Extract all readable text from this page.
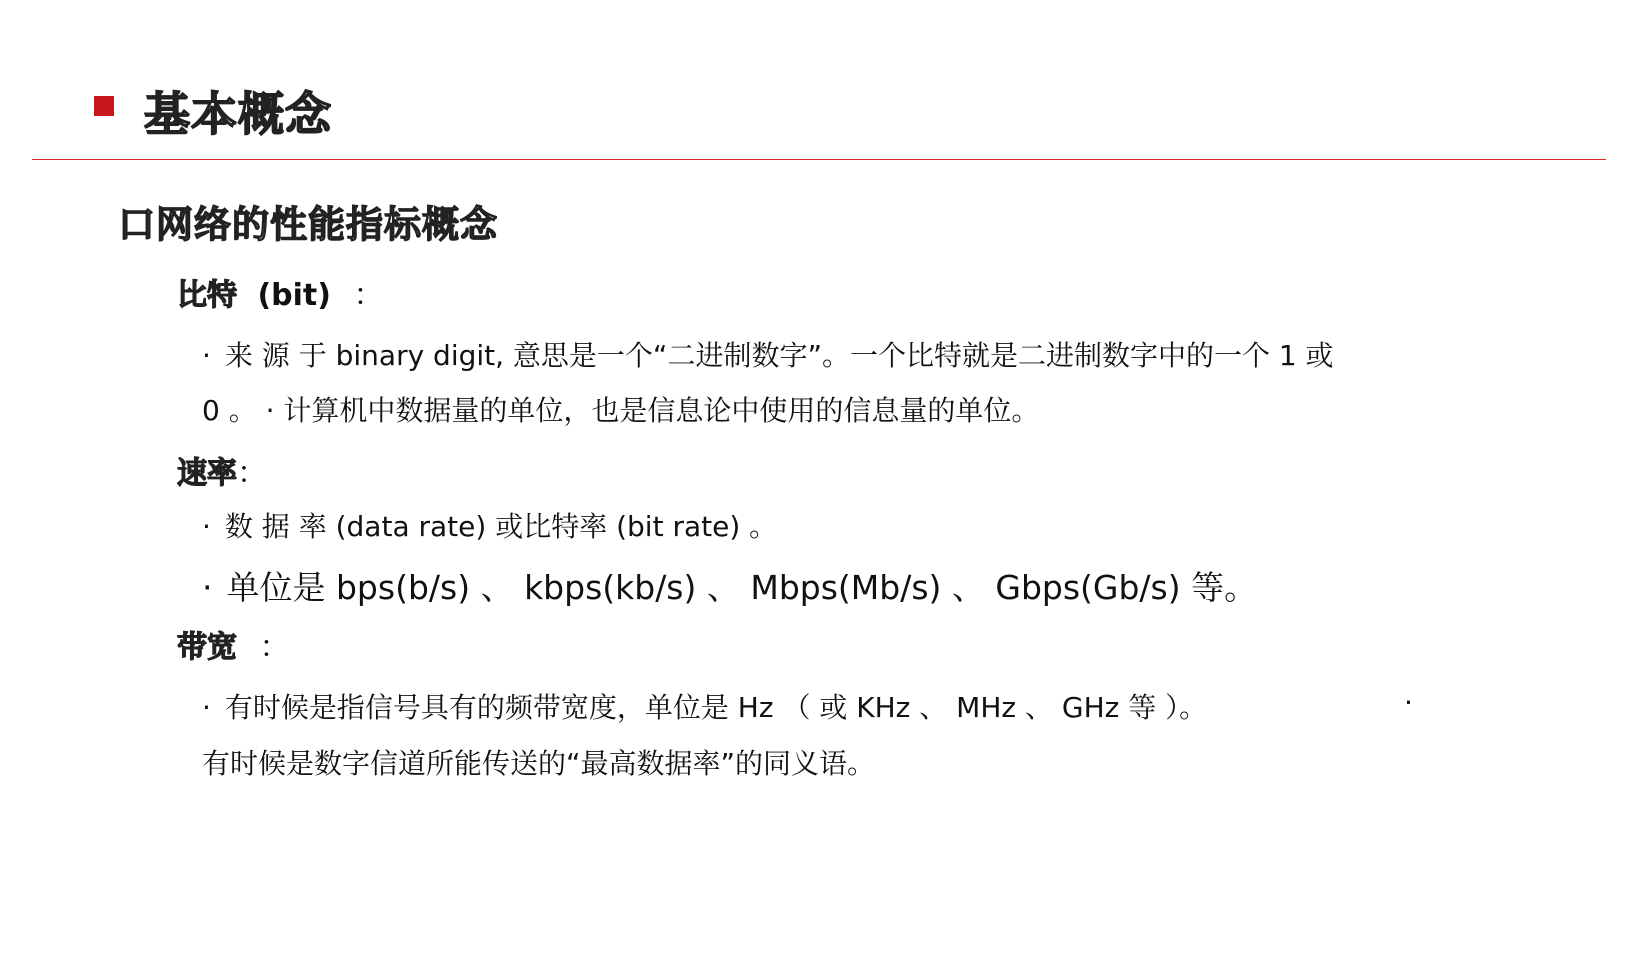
基本概念
口网络的性能指标概念
比特 (bit) ：
· 来 源 于 binary digit, 意思是一个“二进制数字”。一个比特就是二进制数字中的一个 1 或
0 。 · 计算机中数据量的单位，也是信息论中使用的信息量的单位。
速率：
· 数 据 率 (data rate) 或比特率 (bit rate) 。
· 单位是 bps(b/s) 、 kbps(kb/s) 、 Mbps(Mb/s) 、 Gbps(Gb/s) 等。
带宽 ：
· 有时候是指信号具有的频带宽度，单位是 Hz （ 或 KHz 、 MHz 、 GHz 等 ）。	·
有时候是数字信道所能传送的“最高数据率”的同义语。
